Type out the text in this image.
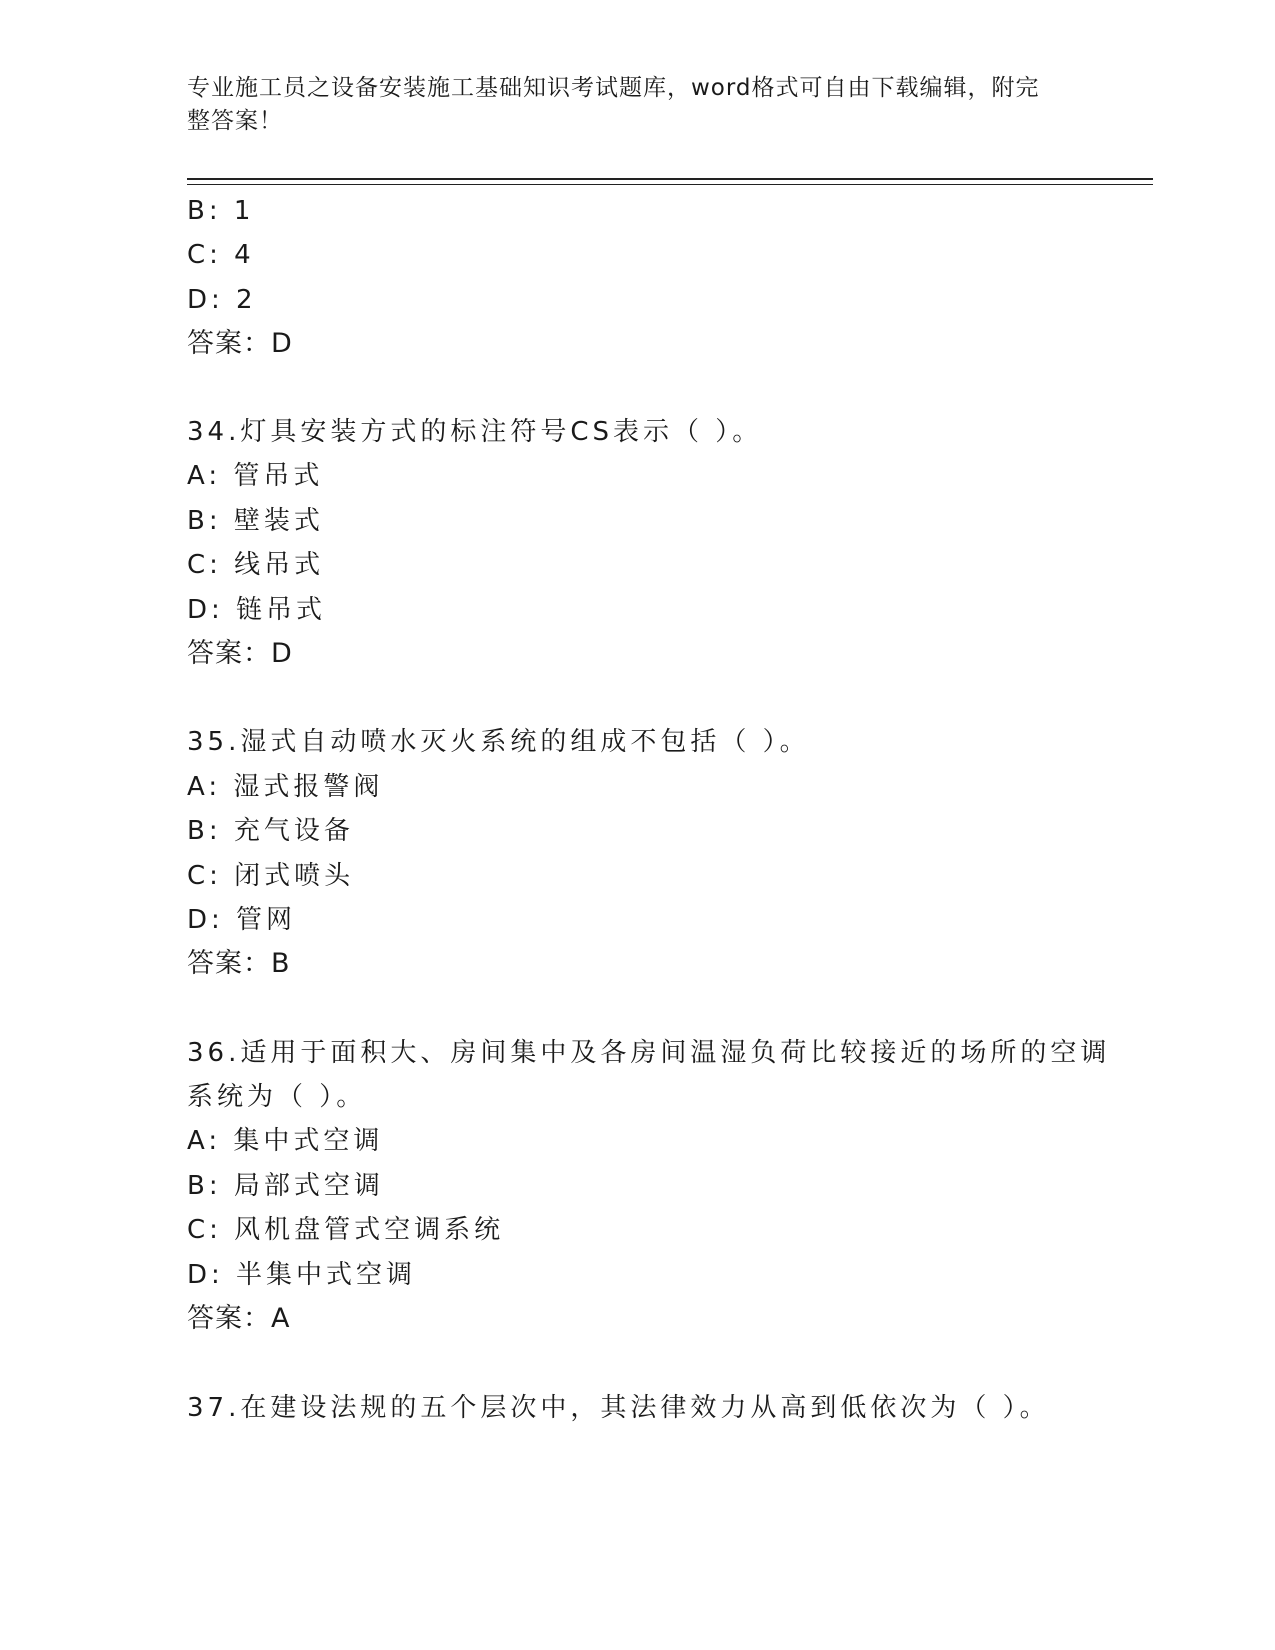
专业施工员之设备安装施工基础知识考试题库，word格式可自由下载编辑，附完
整答案！
B: 1
C: 4
D: 2
答案：D
34.灯具安装方式的标注符号CS表示（ ）。
A: 管吊式
B: 壁装式
C: 线吊式
D: 链吊式
答案：D
35.湿式自动喷水灭火系统的组成不包括（ ）。
A: 湿式报警阀
B: 充气设备
C: 闭式喷头
D: 管网
答案：B
36.适用于面积大、房间集中及各房间温湿负荷比较接近的场所的空调
系统为（ ）。
A: 集中式空调
B: 局部式空调
C: 风机盘管式空调系统
D: 半集中式空调
答案：A
37.在建设法规的五个层次中，其法律效力从高到低依次为（ ）。
